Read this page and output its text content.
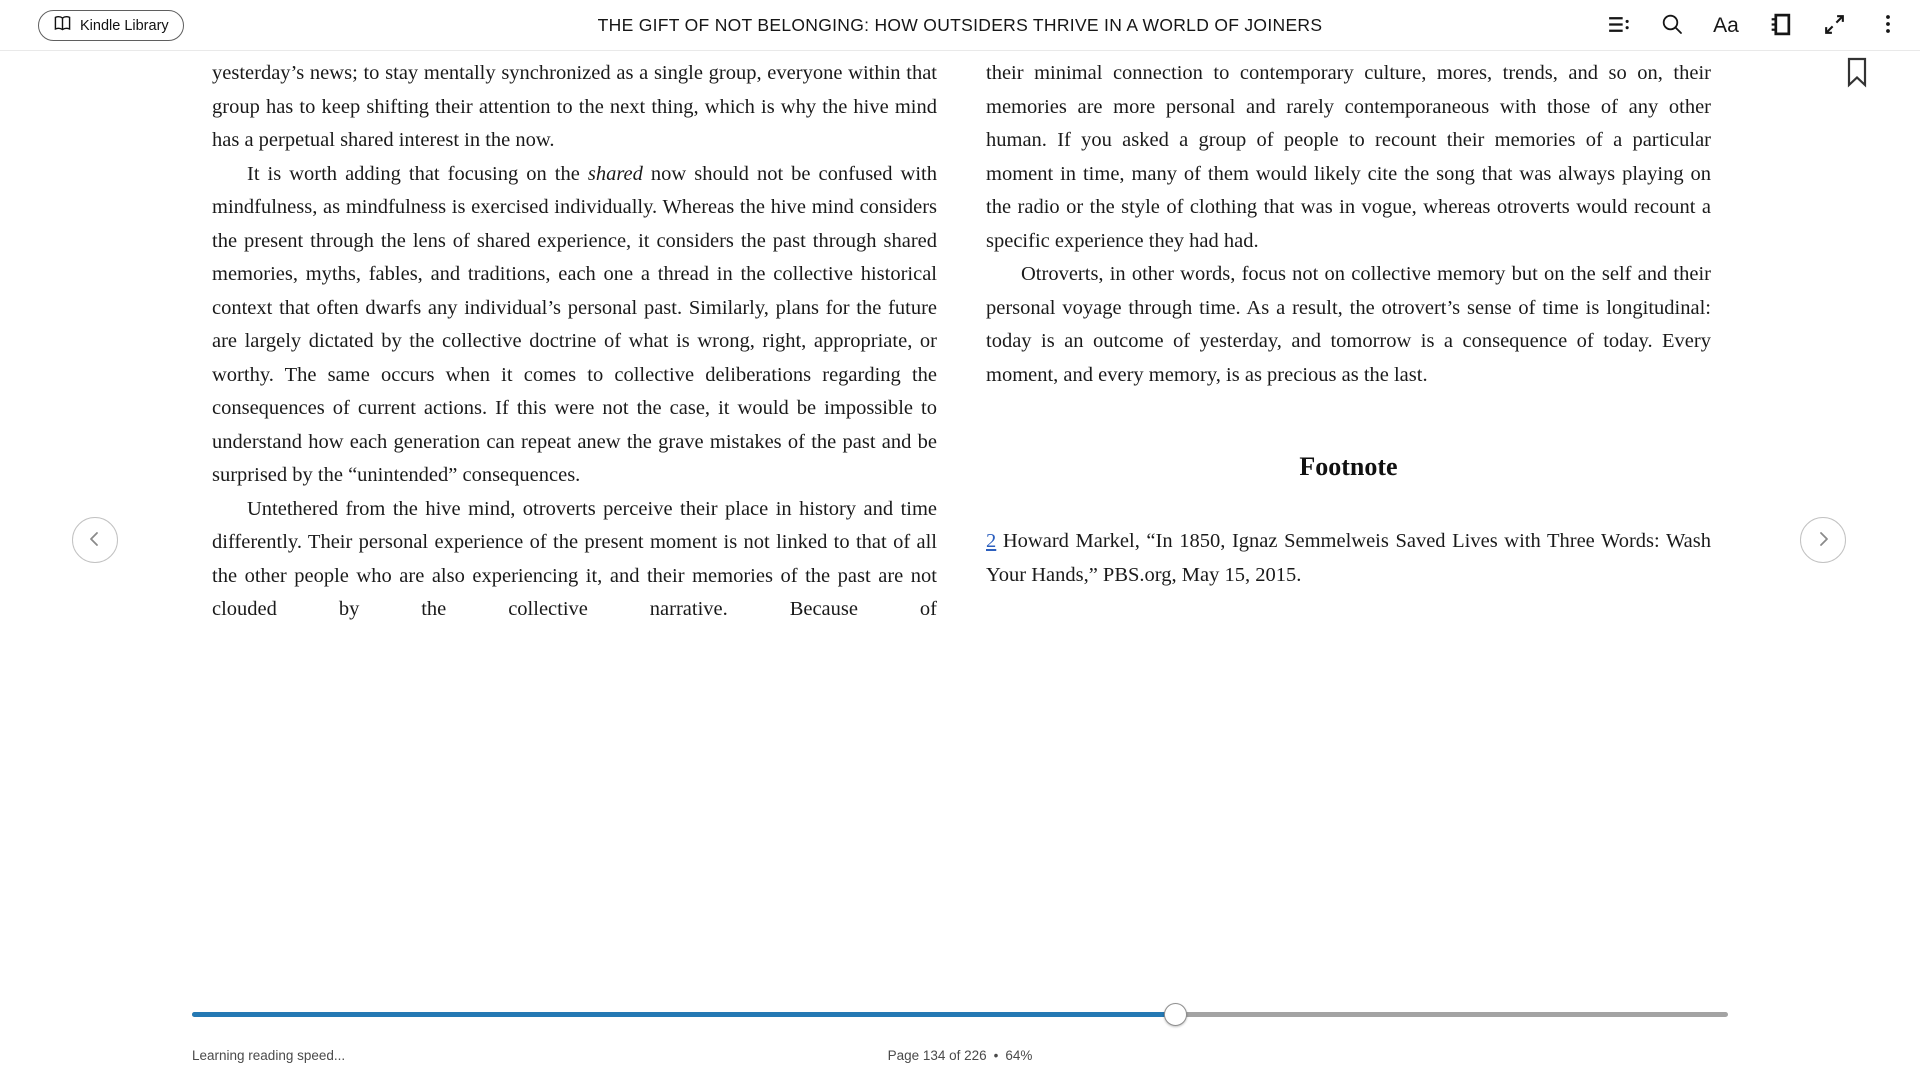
Kindle Library	THE GIFT OF NOT BELONGING: HOW OUTSIDERS THRIVE IN A WORLD OF JOINERS	Aa

yesterday’s news; to stay mentally synchronized as a single group, everyone within that group has to keep shifting their attention to the next thing, which is why the hive mind has a perpetual shared interest in the now.

It is worth adding that focusing on the shared now should not be confused with mindfulness, as mindfulness is exercised individually. Whereas the hive mind considers the present through the lens of shared experience, it considers the past through shared memories, myths, fables, and traditions, each one a thread in the collective historical context that often dwarfs any individual’s personal past. Similarly, plans for the future are largely dictated by the collective doctrine of what is wrong, right, appropriate, or worthy. The same occurs when it comes to collective deliberations regarding the consequences of current actions. If this were not the case, it would be impossible to understand how each generation can repeat anew the grave mistakes of the past and be surprised by the “unintended” consequences.

Untethered from the hive mind, otroverts perceive their place in history and time differently. Their personal experience of the present moment is not linked to that of all the other people who are also experiencing it, and their memories of the past are not clouded by the collective narrative. Because of

their minimal connection to contemporary culture, mores, trends, and so on, their memories are more personal and rarely contemporaneous with those of any other human. If you asked a group of people to recount their memories of a particular moment in time, many of them would likely cite the song that was always playing on the radio or the style of clothing that was in vogue, whereas otroverts would recount a specific experience they had had.

Otroverts, in other words, focus not on collective memory but on the self and their personal voyage through time. As a result, the otrovert’s sense of time is longitudinal: today is an outcome of yesterday, and tomorrow is a consequence of today. Every moment, and every memory, is as precious as the last.

Footnote

2 Howard Markel, “In 1850, Ignaz Semmelweis Saved Lives with Three Words: Wash Your Hands,” PBS.org, May 15, 2015.

Learning reading speed...	Page 134 of 226 • 64%
